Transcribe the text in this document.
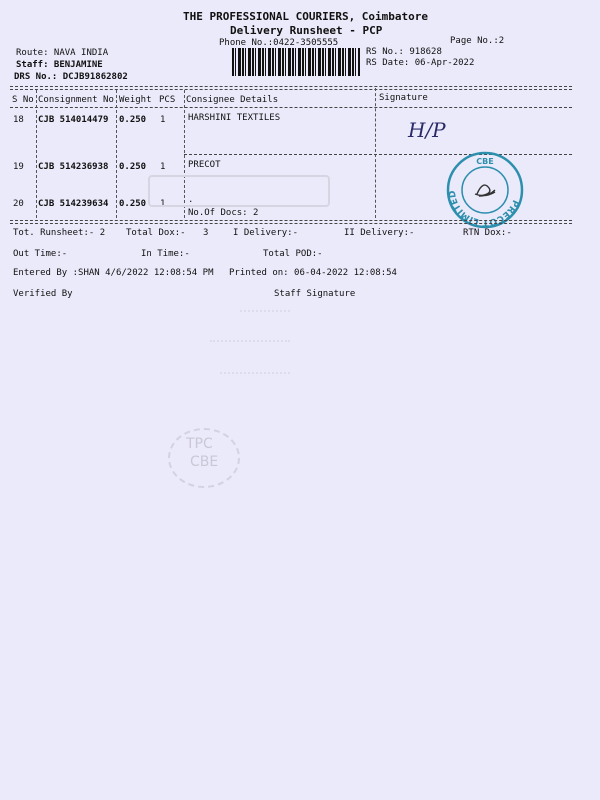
THE PROFESSIONAL COURIERS, Coimbatore
Delivery Runsheet - PCP
Phone No.:0422-3505555	Page No.:2
Route: NAVA INDIA
Staff: BENJAMINE
DRS No.: DCJB91862802
RS No.: 918628
RS Date: 06-Apr-2022
S No Consignment No Weight PCS Consignee Details	Signature
18 CJB 514014479 0.250 1	HARSHINI TEXTILES	H/P
19 CJB 514236938 0.250 1	PRECOT
20 CJB 514239634 0.250 1	.
No.Of Docs: 2
PRECOT LIMITED
CBE
Tot. Runsheet:- 2 Total Dox:- 3	I Delivery:-	II Delivery:-	RTN Dox:-
Out Time:-	In Time:-	Total POD:-
Entered By :SHAN 4/6/2022 12:08:54 PM Printed on: 06-04-2022 12:08:54
Verified By	Staff Signature
TPC
CBE
